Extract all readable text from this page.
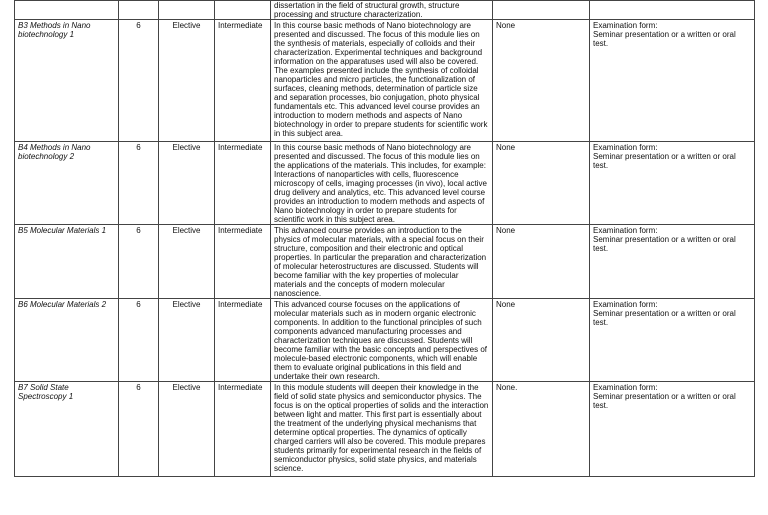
				dissertation in the field of structural growth, structure
processing and structure characterization.		

B3 Methods in Nano biotechnology 1	6	Elective	Intermediate	In this course basic methods of Nano biotechnology are presented and discussed. The focus of this module lies on the synthesis of materials, especially of colloids and their characterization. Experimental techniques and background information on the apparatuses used will also be covered. The examples presented include the synthesis of colloidal nanoparticles and micro particles, the functionalization of surfaces, cleaning methods, determination of particle size and separation processes, bio conjugation, photo physical fundamentals etc. This advanced level course provides an introduction to modern methods and aspects of Nano biotechnology in order to prepare students for scientific work in this subject area.	None	Examination form:
Seminar presentation or a written or oral test.

B4 Methods in Nano biotechnology 2	6	Elective	Intermediate	In this course basic methods of Nano biotechnology are presented and discussed. The focus of this module lies on the applications of the materials. This includes, for example: Interactions of nanoparticles with cells, fluorescence microscopy of cells, imaging processes (in vivo), local active drug delivery and analytics, etc. This advanced level course provides an introduction to modern methods and aspects of Nano biotechnology in order to prepare students for scientific work in this subject area.	None	Examination form:
Seminar presentation or a written or oral test.

B5 Molecular Materials 1	6	Elective	Intermediate	This advanced course provides an introduction to the physics of molecular materials, with a special focus on their structure, composition and their electronic and optical properties. In particular the preparation and characterization of molecular heterostructures are discussed. Students will become familiar with the key properties of molecular materials and the concepts of modern molecular nanoscience.	None	Examination form:
Seminar presentation or a written or oral test.

B6 Molecular Materials 2	6	Elective	Intermediate	This advanced course focuses on the applications of molecular materials such as in modern organic electronic components. In addition to the functional principles of such components advanced manufacturing processes and characterization techniques are discussed. Students will become familiar with the basic concepts and perspectives of molecule-based electronic components, which will enable them to evaluate original publications in this field and undertake their own research.	None	Examination form:
Seminar presentation or a written or oral test.

B7 Solid State Spectroscopy 1	6	Elective	Intermediate	In this module students will deepen their knowledge in the field of solid state physics and semiconductor physics. The focus is on the optical properties of solids and the interaction between light and matter. This first part is essentially about the treatment of the underlying physical mechanisms that determine optical properties. The dynamics of optically charged carriers will also be covered. This module prepares students primarily for experimental research in the fields of semiconductor physics, solid state physics, and materials science.	None.	Examination form:
Seminar presentation or a written or oral test.
